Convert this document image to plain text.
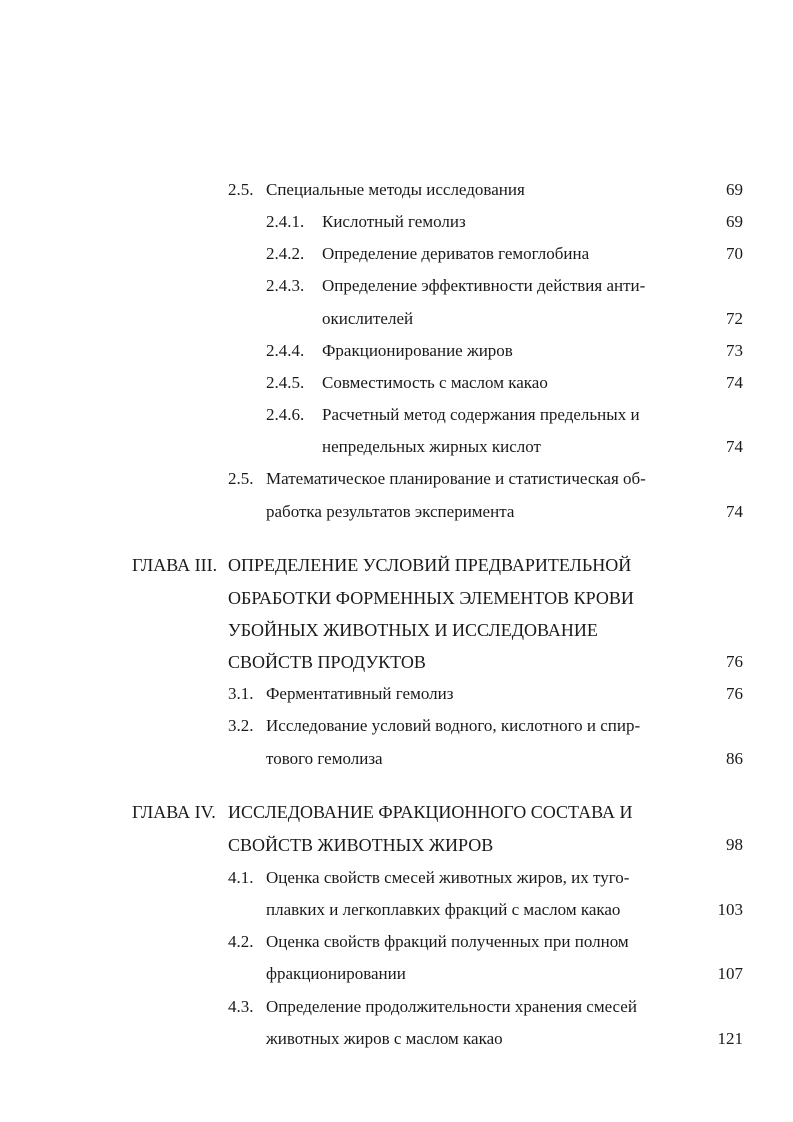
2.5. Специальные методы исследования	69
2.4.1. Кислотный гемолиз	69
2.4.2. Определение дериватов гемоглобина	70
2.4.3. Определение эффективности действия анти-
окислителей	72
2.4.4. Фракционирование жиров	73
2.4.5. Совместимость с маслом какао	74
2.4.6. Расчетный метод содержания предельных и
непредельных жирных кислот	74
2.5. Математическое планирование и статистическая об-
работка результатов эксперимента	74
ГЛАВА III. ОПРЕДЕЛЕНИЕ УСЛОВИЙ ПРЕДВАРИТЕЛЬНОЙ
ОБРАБОТКИ ФОРМЕННЫХ ЭЛЕМЕНТОВ КРОВИ
УБОЙНЫХ ЖИВОТНЫХ И ИССЛЕДОВАНИЕ
СВОЙСТВ ПРОДУКТОВ	76
3.1. Ферментативный гемолиз	76
3.2. Исследование условий водного, кислотного и спир-
тового гемолиза	86
ГЛАВА IV. ИССЛЕДОВАНИЕ ФРАКЦИОННОГО СОСТАВА И
СВОЙСТВ ЖИВОТНЫХ ЖИРОВ	98
4.1. Оценка свойств смесей животных жиров, их туго-
плавких и легкоплавких фракций с маслом какао	103
4.2. Оценка свойств фракций полученных при полном
фракционировании	107
4.3. Определение продолжительности хранения смесей
животных жиров с маслом какао	121
